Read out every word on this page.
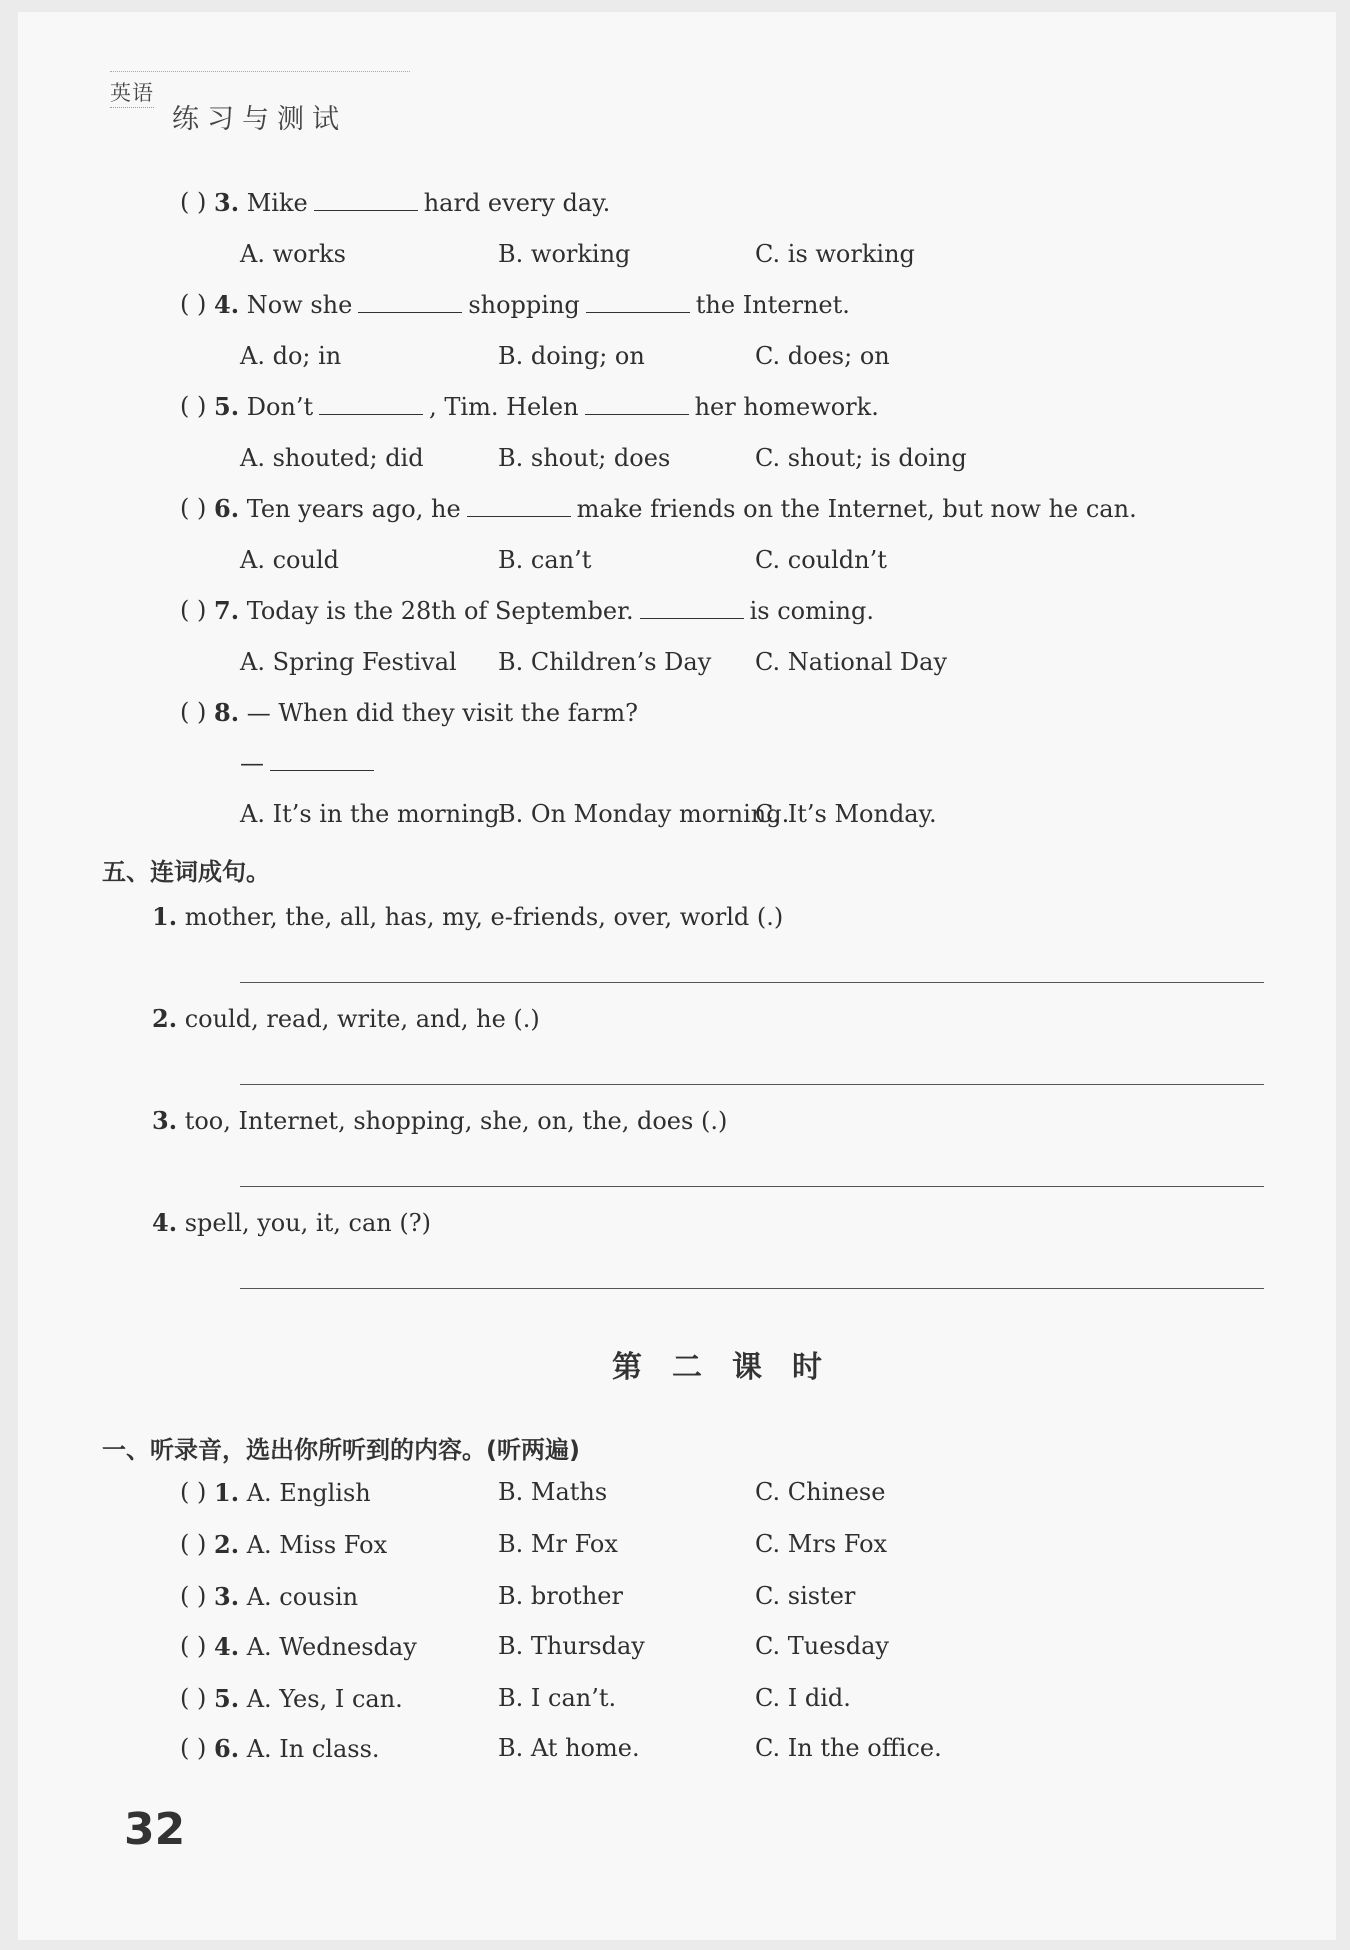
英语
练习与测试
( ) 3. Mike	hard every day.
A. works	B. working	C. is working
( ) 4. Now she	shopping	the Internet.
A. do; in	B. doing; on	C. does; on
( ) 5. Don’t	, Tim. Helen	her homework.
A. shouted; did	B. shout; does	C. shout; is doing
( ) 6. Ten years ago, he	make friends on the Internet, but now he can.
A. could	B. can’t	C. couldn’t
( ) 7. Today is the 28th of September.	is coming.
A. Spring Festival B. Children’s Day C. National Day
( ) 8. — When did they visit the farm?
—
A. It’s in the morning.
B. On Monday morning.
C. It’s Monday.
五、连词成句。
1. mother, the, all, has, my, e-friends, over, world (.)
2. could, read, write, and, he (.)
3. too, Internet, shopping, she, on, the, does (.)
4. spell, you, it, can (?)
第二课时
一、听录音，选出你所听到的内容。(听两遍)
( ) 1. A. English	B. Maths	C. Chinese
( ) 2. A. Miss Fox	B. Mr Fox	C. Mrs Fox
( ) 3. A. cousin	B. brother	C. sister
( ) 4. A. Wednesday	B. Thursday	C. Tuesday
( ) 5. A. Yes, I can.	B. I can’t.	C. I did.
( ) 6. A. In class.	B. At home.	C. In the office.
32
